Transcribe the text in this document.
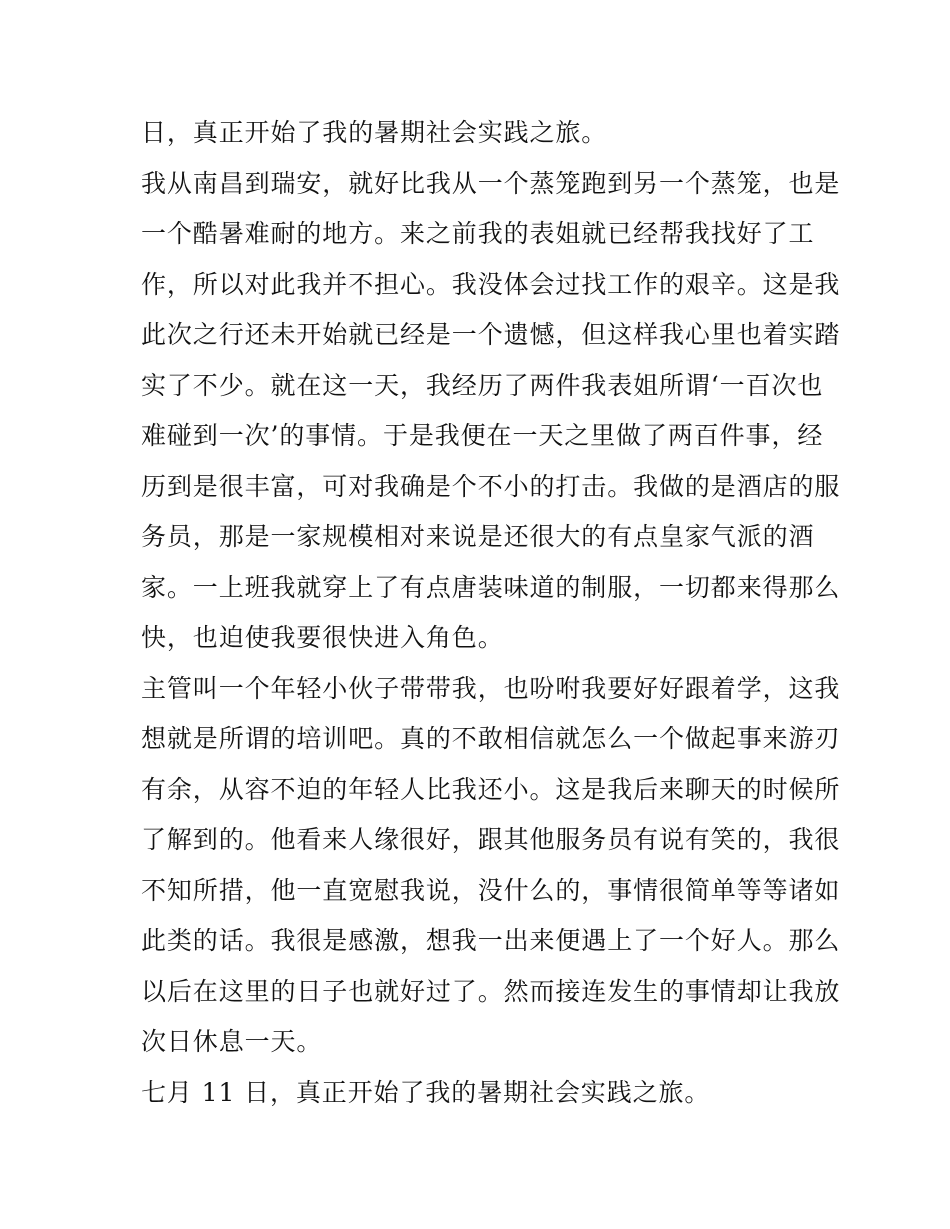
日，真正开始了我的暑期社会实践之旅。
我从南昌到瑞安，就好比我从一个蒸笼跑到另一个蒸笼，也是
一个酷暑难耐的地方。来之前我的表姐就已经帮我找好了工
作，所以对此我并不担心。我没体会过找工作的艰辛。这是我
此次之行还未开始就已经是一个遗憾，但这样我心里也着实踏
实了不少。就在这一天，我经历了两件我表姐所谓‘一百次也
难碰到一次’的事情。于是我便在一天之里做了两百件事，经
历到是很丰富，可对我确是个不小的打击。我做的是酒店的服
务员，那是一家规模相对来说是还很大的有点皇家气派的酒
家。一上班我就穿上了有点唐装味道的制服，一切都来得那么
快，也迫使我要很快进入角色。
主管叫一个年轻小伙子带带我，也吩咐我要好好跟着学，这我
想就是所谓的培训吧。真的不敢相信就怎么一个做起事来游刃
有余，从容不迫的年轻人比我还小。这是我后来聊天的时候所
了解到的。他看来人缘很好，跟其他服务员有说有笑的，我很
不知所措，他一直宽慰我说，没什么的，事情很简单等等诸如
此类的话。我很是感激，想我一出来便遇上了一个好人。那么
以后在这里的日子也就好过了。然而接连发生的事情却让我放
次日休息一天。
七月 11 日，真正开始了我的暑期社会实践之旅。
